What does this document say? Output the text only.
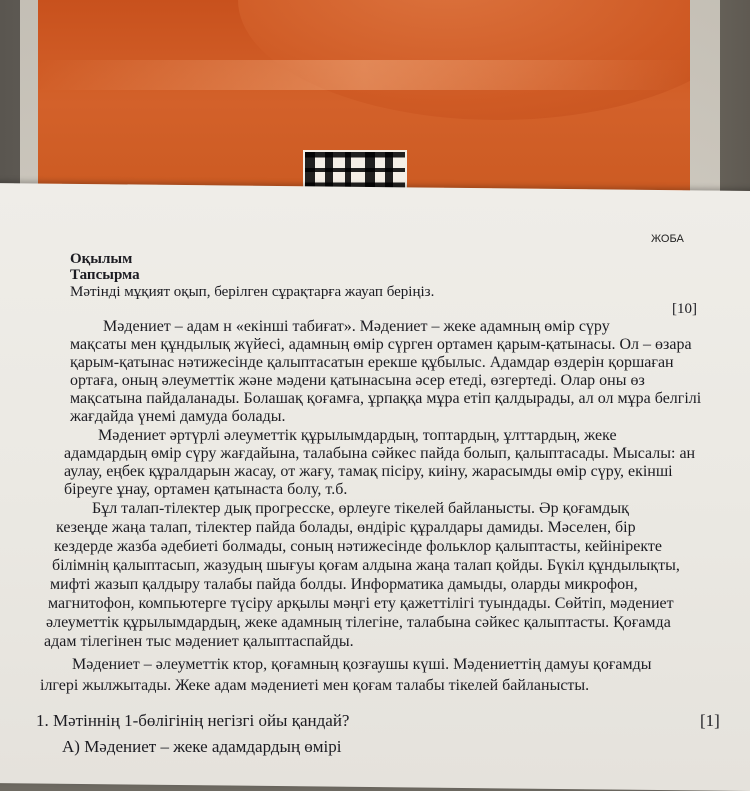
ЖОБА
Оқылым
Тапсырма
Мәтінді мұқият оқып, берілген сұрақтарға жауап беріңіз.
[10]
Мәдениет – адам н «екінші табиғат». Мәдениет – жеке адамның өмір сүру
мақсаты мен құндылық жүйесі, адамның өмір сүрген ортамен қарым-қатынасы. Ол – өзара
қарым-қатынас нәтижесінде қалыптасатын ерекше құбылыс. Адамдар өздерін қоршаған
ортаға, оның әлеуметтік және мәдени қатынасына әсер етеді, өзгертеді. Олар оны өз
мақсатына пайдаланады. Болашақ қоғамға, ұрпаққа мұра етіп қалдырады, ал ол мұра белгілі
жағдайда үнемі дамуда болады.
Мәдениет әртүрлі әлеуметтік құрылымдардың, топтардың, ұлттардың, жеке
адамдардың өмір сүру жағдайына, талабына сәйкес пайда болып, қалыптасады. Мысалы: ан
аулау, еңбек құралдарын жасау, от жағу, тамақ пісіру, киіну, жарасымды өмір сүру, екінші
біреуге ұнау, ортамен қатынаста болу, т.б.
Бұл талап-тілектер дық прогресске, өрлеуге тікелей байланысты. Әр қоғамдық
кезеңде жаңа талап, тілектер пайда болады, өндіріс құралдары дамиды. Мәселен, бір
кездерде жазба әдебиеті болмады, соның нәтижесінде фольклор қалыптасты, кейініректе
білімнің қалыптасып, жазудың шығуы қоғам алдына жаңа талап қойды. Бүкіл құндылықты,
мифті жазып қалдыру талабы пайда болды. Информатика дамыды, оларды микрофон,
магнитофон, компьютерге түсіру арқылы мәңгі ету қажеттілігі туындады. Сөйтіп, мәдениет
әлеуметтік құрылымдардың, жеке адамның тілегіне, талабына сәйкес қалыптасты. Қоғамда
адам тілегінен тыс мәдениет қалыптаспайды.
Мәдениет – әлеуметтік ктор, қоғамның қозғаушы күші. Мәдениеттің дамуы қоғамды
ілгері жылжытады. Жеке адам мәдениеті мен қоғам талабы тікелей байланысты.
1. Мәтіннің 1-бөлігінің негізгі ойы қандай?	[1]
А) Мәдениет – жеке адамдардың өмірі
